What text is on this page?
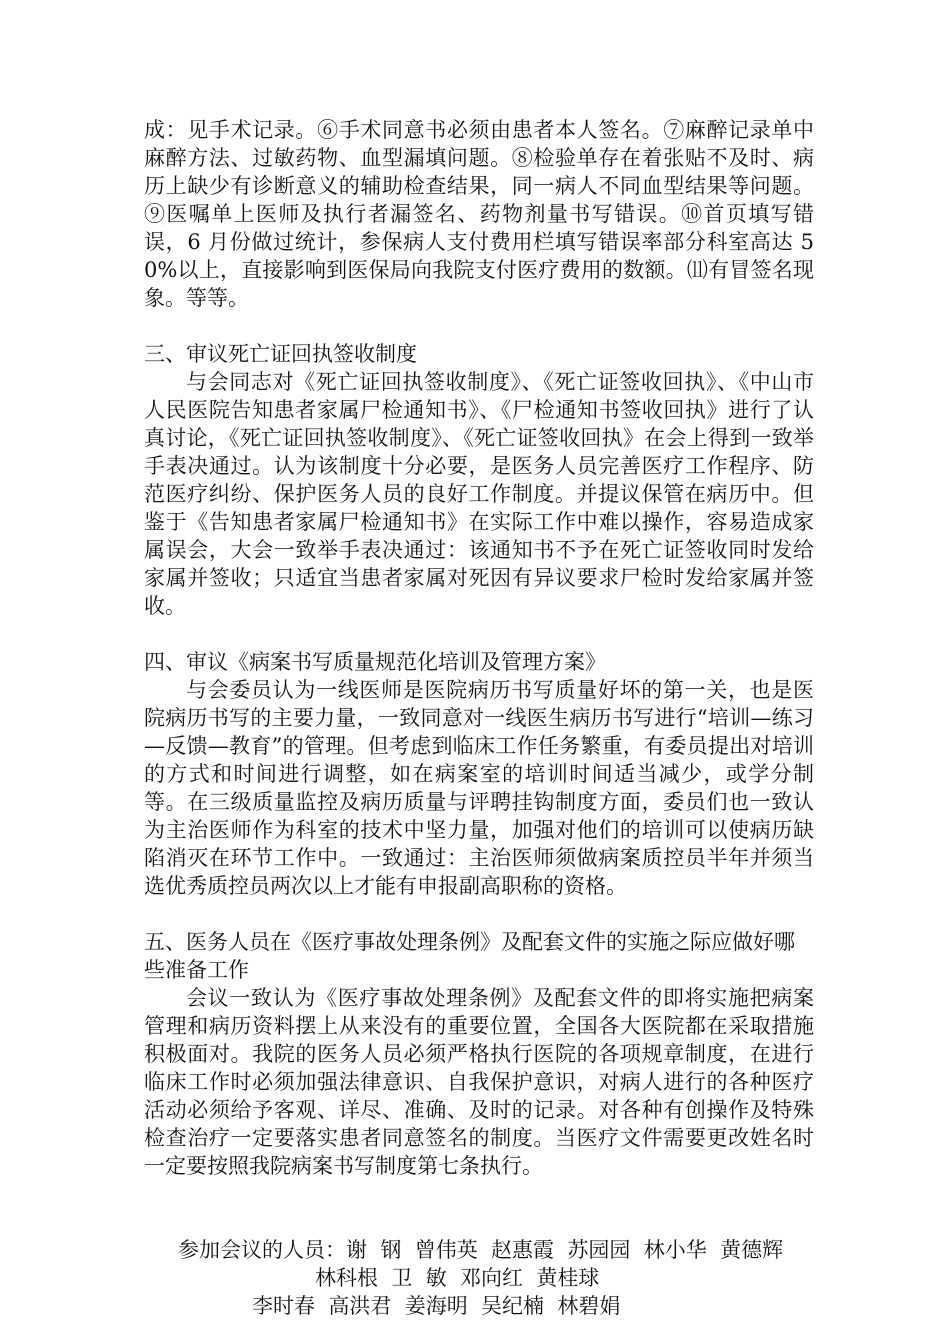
成：见手术记录。⑥手术同意书必须由患者本人签名。⑦麻醉记录单中麻醉方法、过敏药物、血型漏填问题。⑧检验单存在着张贴不及时、病历上缺少有诊断意义的辅助检查结果，同一病人不同血型结果等问题。⑨医嘱单上医师及执行者漏签名、药物剂量书写错误。⑩首页填写错误，6 月份做过统计，参保病人支付费用栏填写错误率部分科室高达 50%以上，直接影响到医保局向我院支付医疗费用的数额。⑾有冒签名现象。等等。

三、审议死亡证回执签收制度

与会同志对《死亡证回执签收制度》、《死亡证签收回执》、《中山市人民医院告知患者家属尸检通知书》、《尸检通知书签收回执》进行了认真讨论，《死亡证回执签收制度》、《死亡证签收回执》在会上得到一致举手表决通过。认为该制度十分必要，是医务人员完善医疗工作程序、防范医疗纠纷、保护医务人员的良好工作制度。并提议保管在病历中。但鉴于《告知患者家属尸检通知书》在实际工作中难以操作，容易造成家属误会，大会一致举手表决通过：该通知书不予在死亡证签收同时发给家属并签收；只适宜当患者家属对死因有异议要求尸检时发给家属并签收。

四、审议《病案书写质量规范化培训及管理方案》

与会委员认为一线医师是医院病历书写质量好坏的第一关，也是医院病历书写的主要力量，一致同意对一线医生病历书写进行“培训—练习—反馈—教育”的管理。但考虑到临床工作任务繁重，有委员提出对培训的方式和时间进行调整，如在病案室的培训时间适当减少，或学分制等。在三级质量监控及病历质量与评聘挂钩制度方面，委员们也一致认为主治医师作为科室的技术中坚力量，加强对他们的培训可以使病历缺陷消灭在环节工作中。一致通过：主治医师须做病案质控员半年并须当选优秀质控员两次以上才能有申报副高职称的资格。

五、医务人员在《医疗事故处理条例》及配套文件的实施之际应做好哪些准备工作

会议一致认为《医疗事故处理条例》及配套文件的即将实施把病案管理和病历资料摆上从来没有的重要位置，全国各大医院都在采取措施积极面对。我院的医务人员必须严格执行医院的各项规章制度，在进行临床工作时必须加强法律意识、自我保护意识，对病人进行的各种医疗活动必须给予客观、详尽、准确、及时的记录。对各种有创操作及特殊检查治疗一定要落实患者同意签名的制度。当医疗文件需要更改姓名时一定要按照我院病案书写制度第七条执行。

参加会议的人员：谢  钢  曾伟英  赵惠霞  苏园园  林小华  黄德辉

林科根  卫  敏  邓向红  黄桂球

李时春  高洪君  姜海明  吴纪楠  林碧娟
